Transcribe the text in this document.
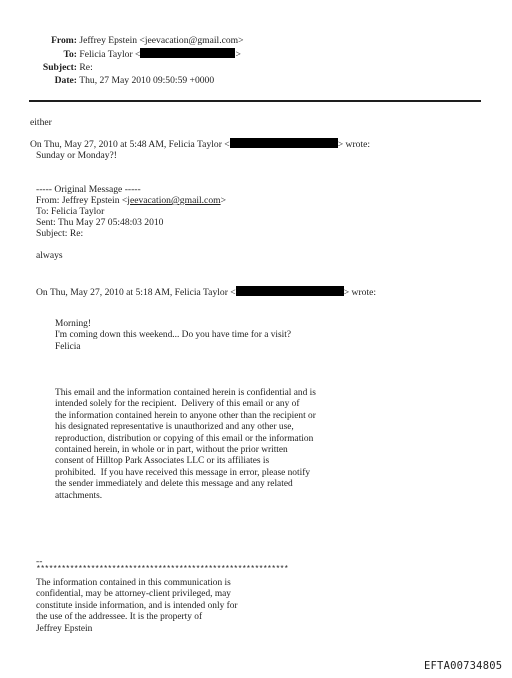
From: Jeffrey Epstein <jeevacation@gmail.com>
To: Felicia Taylor <	>
Subject: Re:
Date: Thu, 27 May 2010 09:50:59 +0000
either
On Thu, May 27, 2010 at 5:48 AM, Felicia Taylor <	> wrote:
Sunday or Monday?!
----- Original Message -----
From: Jeffrey Epstein <jeevacation@gmail.com>
To: Felicia Taylor
Sent: Thu May 27 05:48:03 2010
Subject: Re:
always
On Thu, May 27, 2010 at 5:18 AM, Felicia Taylor <	> wrote:
Morning!
I'm coming down this weekend... Do you have time for a visit?
Felicia
This email and the information contained herein is confidential and is
intended solely for the recipient.  Delivery of this email or any of
the information contained herein to anyone other than the recipient or
his designated representative is unauthorized and any other use,
reproduction, distribution or copying of this email or the information
contained herein, in whole or in part, without the prior written
consent of Hilltop Park Associates LLC or its affiliates is
prohibited.  If you have received this message in error, please notify
the sender immediately and delete this message and any related
attachments.
--
************************************************************
The information contained in this communication is
confidential, may be attorney-client privileged, may
constitute inside information, and is intended only for
the use of the addressee. It is the property of
Jeffrey Epstein
EFTA00734805
